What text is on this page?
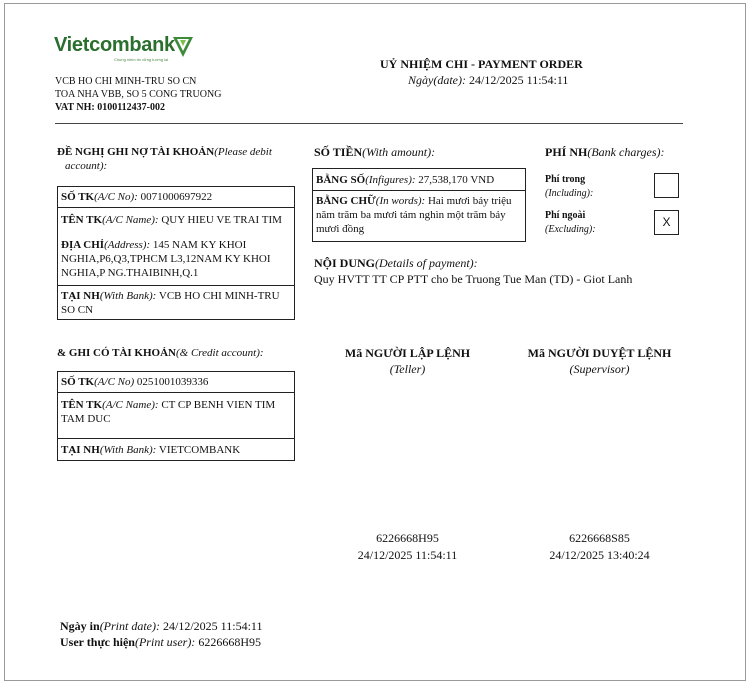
Vietcombank
Chung niềm tin vững tương lai
VCB HO CHI MINH-TRU SO CN
TOA NHA VBB, SO 5 CONG TRUONG
VAT NH: 0100112437-002
UỶ NHIỆM CHI - PAYMENT ORDER
Ngày(date): 24/12/2025 11:54:11
ĐỀ NGHỊ GHI NỢ TÀI KHOẢN(Please debit
account):
SỐ TK(A/C No): 0071000697922
TÊN TK(A/C Name): QUY HIEU VE TRAI TIM
ĐỊA CHỈ(Address): 145 NAM KY KHOI
NGHIA,P6,Q3,TPHCM L3,12NAM KY KHOI
NGHIA,P NG.THAIBINH,Q.1
TẠI NH(With Bank): VCB HO CHI MINH-TRU
SO CN
& GHI CÓ TÀI KHOẢN(& Credit account):
SỐ TK(A/C No) 0251001039336
TÊN TK(A/C Name): CT CP BENH VIEN TIM
TAM DUC
TẠI NH(With Bank): VIETCOMBANK
SỐ TIỀN(With amount):
BẰNG SỐ(Infigures): 27,538,170 VND
BẰNG CHỮ(In words): Hai mươi bảy triệu
năm trăm ba mươi tám nghìn một trăm bảy
mươi đồng
PHÍ NH(Bank charges):
Phí trong
(Including):
Phí ngoài
(Excluding):
X
NỘI DUNG(Details of payment):
Quy HVTT TT CP PTT cho be Truong Tue Man (TD) - Giot Lanh
Mã NGƯỜI LẬP LỆNH
(Teller)
Mã NGƯỜI DUYỆT LỆNH
(Supervisor)
6226668H95
24/12/2025 11:54:11
6226668S85
24/12/2025 13:40:24
Ngày in(Print date): 24/12/2025 11:54:11
User thực hiện(Print user): 6226668H95
